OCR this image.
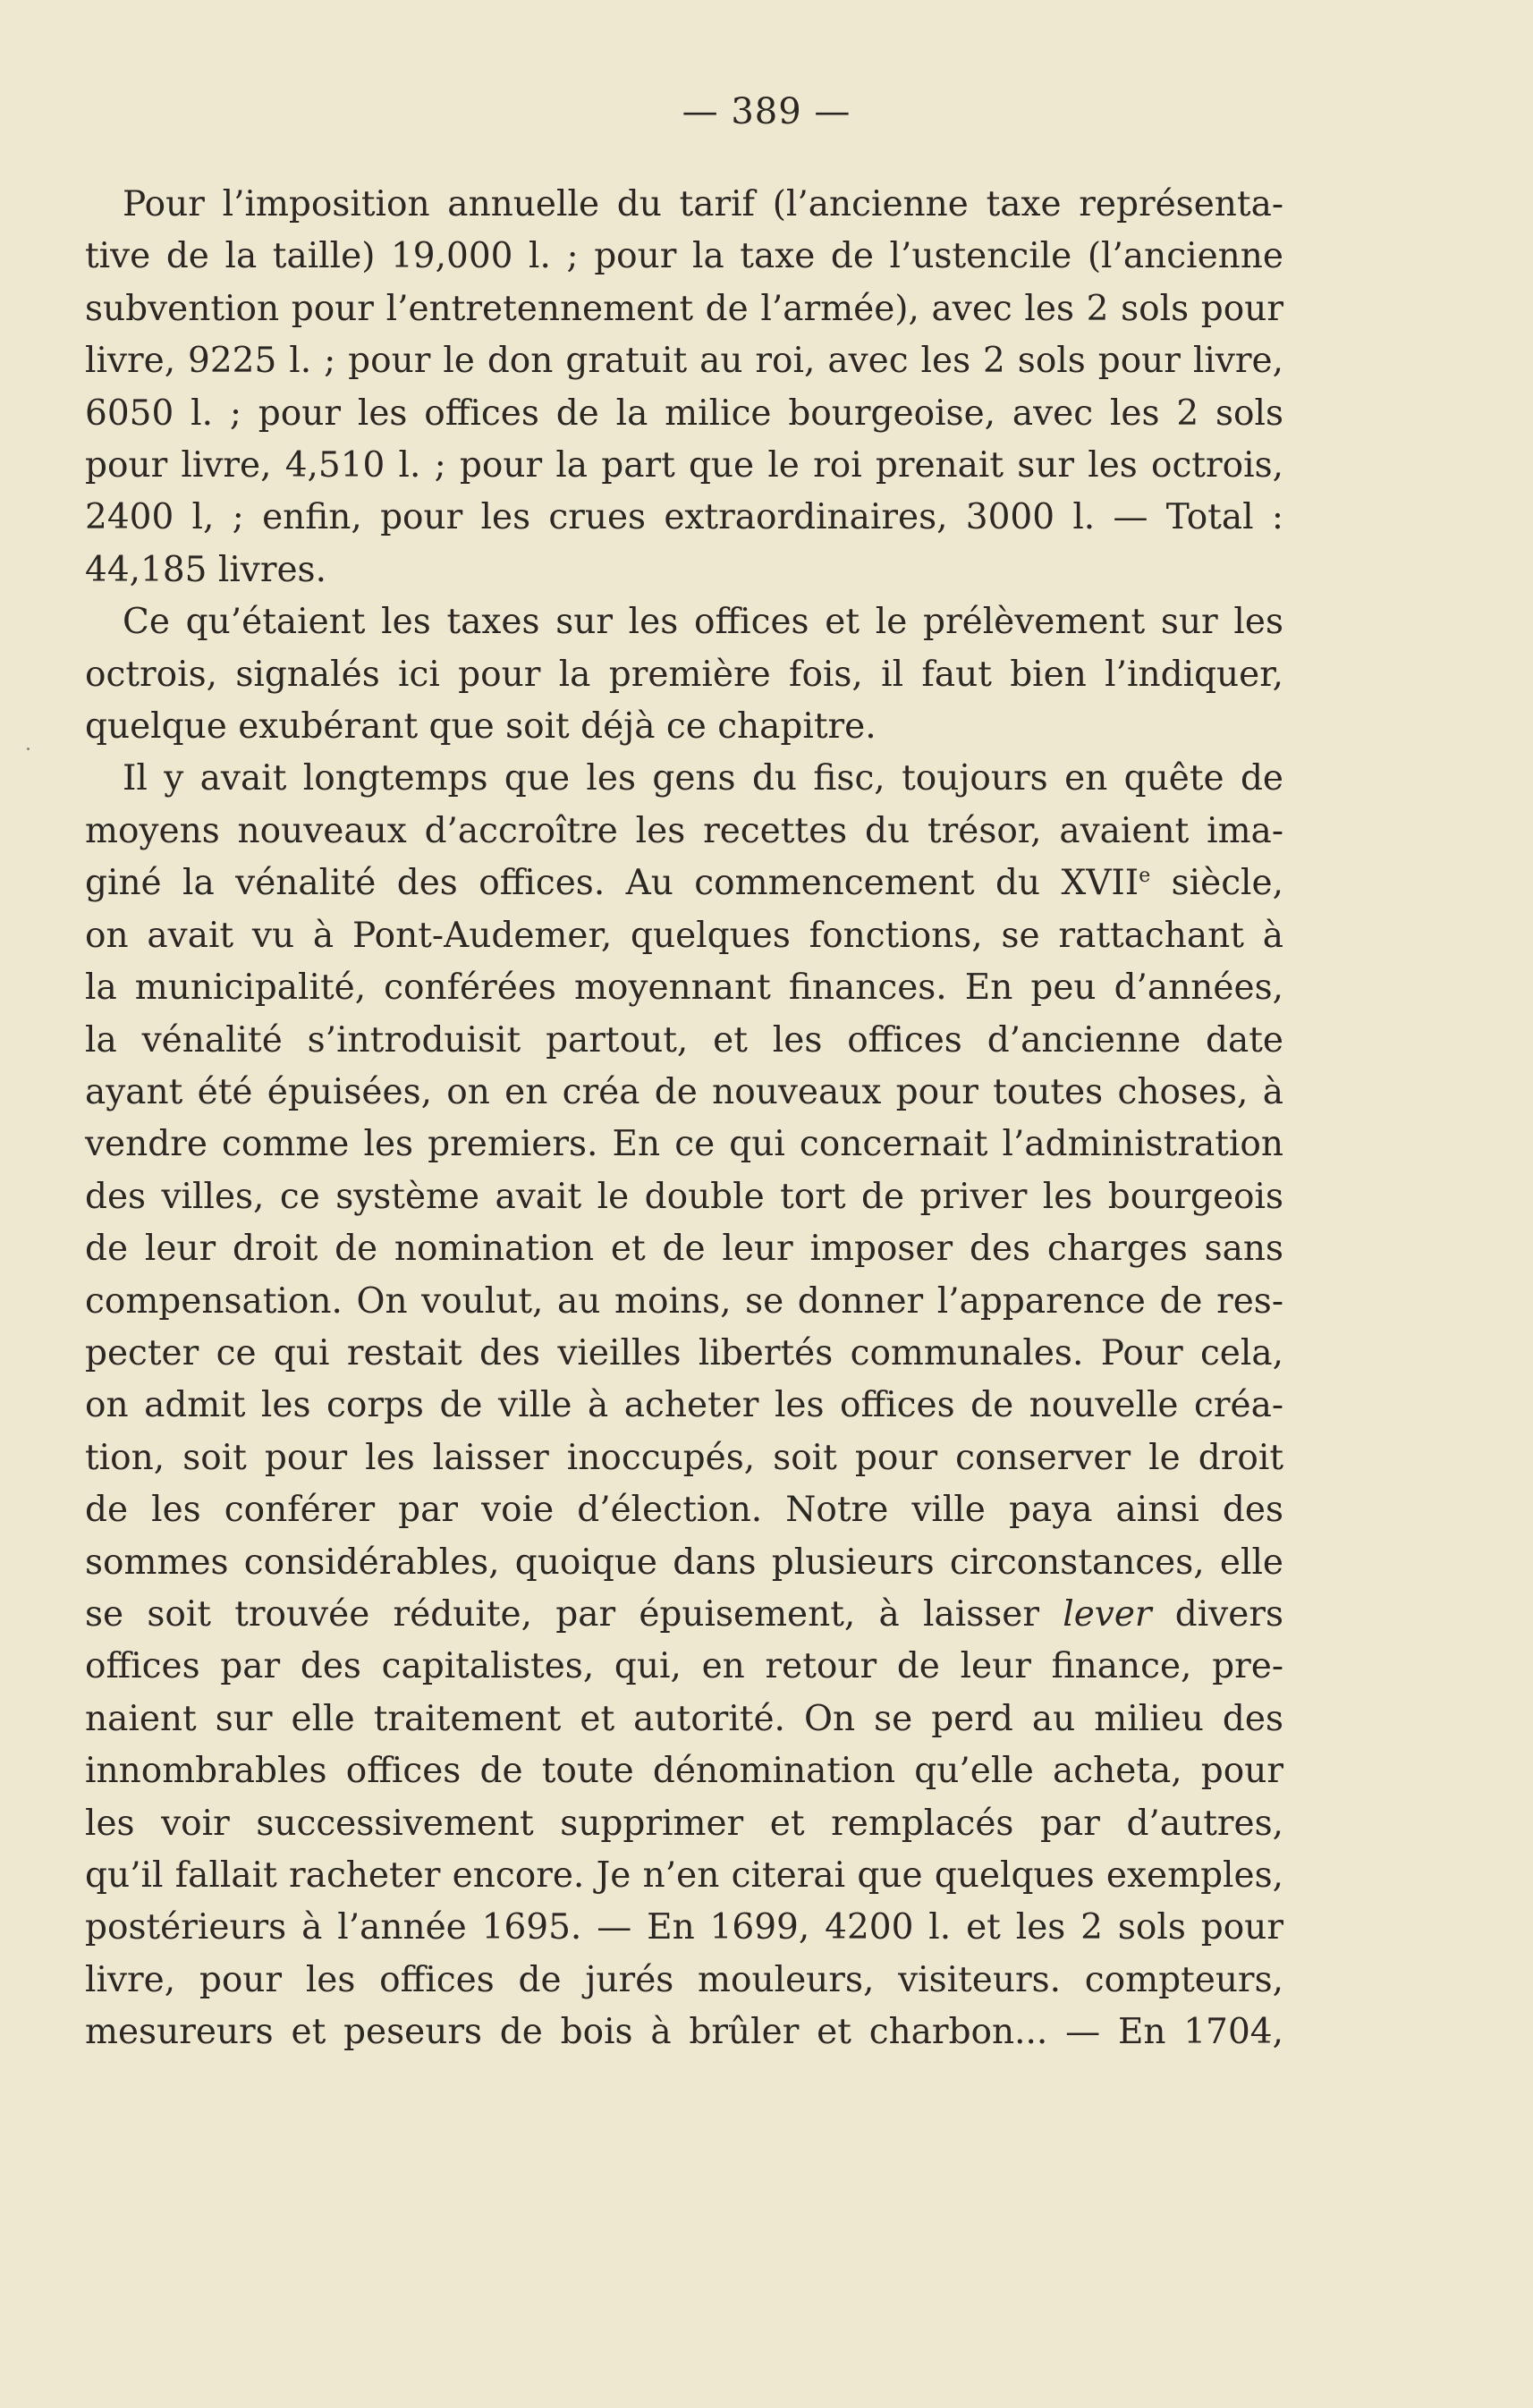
— 389 —
Pour l’imposition annuelle du tarif (l’ancienne taxe représenta-
tive de la taille) 19,000 l. ; pour la taxe de l’ustencile (l’ancienne
subvention pour l’entretennement de l’armée), avec les 2 sols pour
livre, 9225 l. ; pour le don gratuit au roi, avec les 2 sols pour livre,
6050 l. ; pour les offices de la milice bourgeoise, avec les 2 sols
pour livre, 4,510 l. ; pour la part que le roi prenait sur les octrois,
2400 l, ; enfin, pour les crues extraordinaires, 3000 l. — Total :
44,185 livres.
Ce qu’étaient les taxes sur les offices et le prélèvement sur les
octrois, signalés ici pour la première fois, il faut bien l’indiquer,
quelque exubérant que soit déjà ce chapitre.
Il y avait longtemps que les gens du fisc, toujours en quête de
moyens nouveaux d’accroître les recettes du trésor, avaient ima-
giné la vénalité des offices. Au commencement du XVIIe siècle,
on avait vu à Pont-Audemer, quelques fonctions, se rattachant à
la municipalité, conférées moyennant finances. En peu d’années,
la vénalité s’introduisit partout, et les offices d’ancienne date
ayant été épuisées, on en créa de nouveaux pour toutes choses, à
vendre comme les premiers. En ce qui concernait l’administration
des villes, ce système avait le double tort de priver les bourgeois
de leur droit de nomination et de leur imposer des charges sans
compensation. On voulut, au moins, se donner l’apparence de res-
pecter ce qui restait des vieilles libertés communales. Pour cela,
on admit les corps de ville à acheter les offices de nouvelle créa-
tion, soit pour les laisser inoccupés, soit pour conserver le droit
de les conférer par voie d’élection. Notre ville paya ainsi des
sommes considérables, quoique dans plusieurs circonstances, elle
se soit trouvée réduite, par épuisement, à laisser lever divers
offices par des capitalistes, qui, en retour de leur finance, pre-
naient sur elle traitement et autorité. On se perd au milieu des
innombrables offices de toute dénomination qu’elle acheta, pour
les voir successivement supprimer et remplacés par d’autres,
qu’il fallait racheter encore. Je n’en citerai que quelques exemples,
postérieurs à l’année 1695. — En 1699, 4200 l. et les 2 sols pour
livre, pour les offices de jurés mouleurs, visiteurs. compteurs,
mesureurs et peseurs de bois à brûler et charbon... — En 1704,
